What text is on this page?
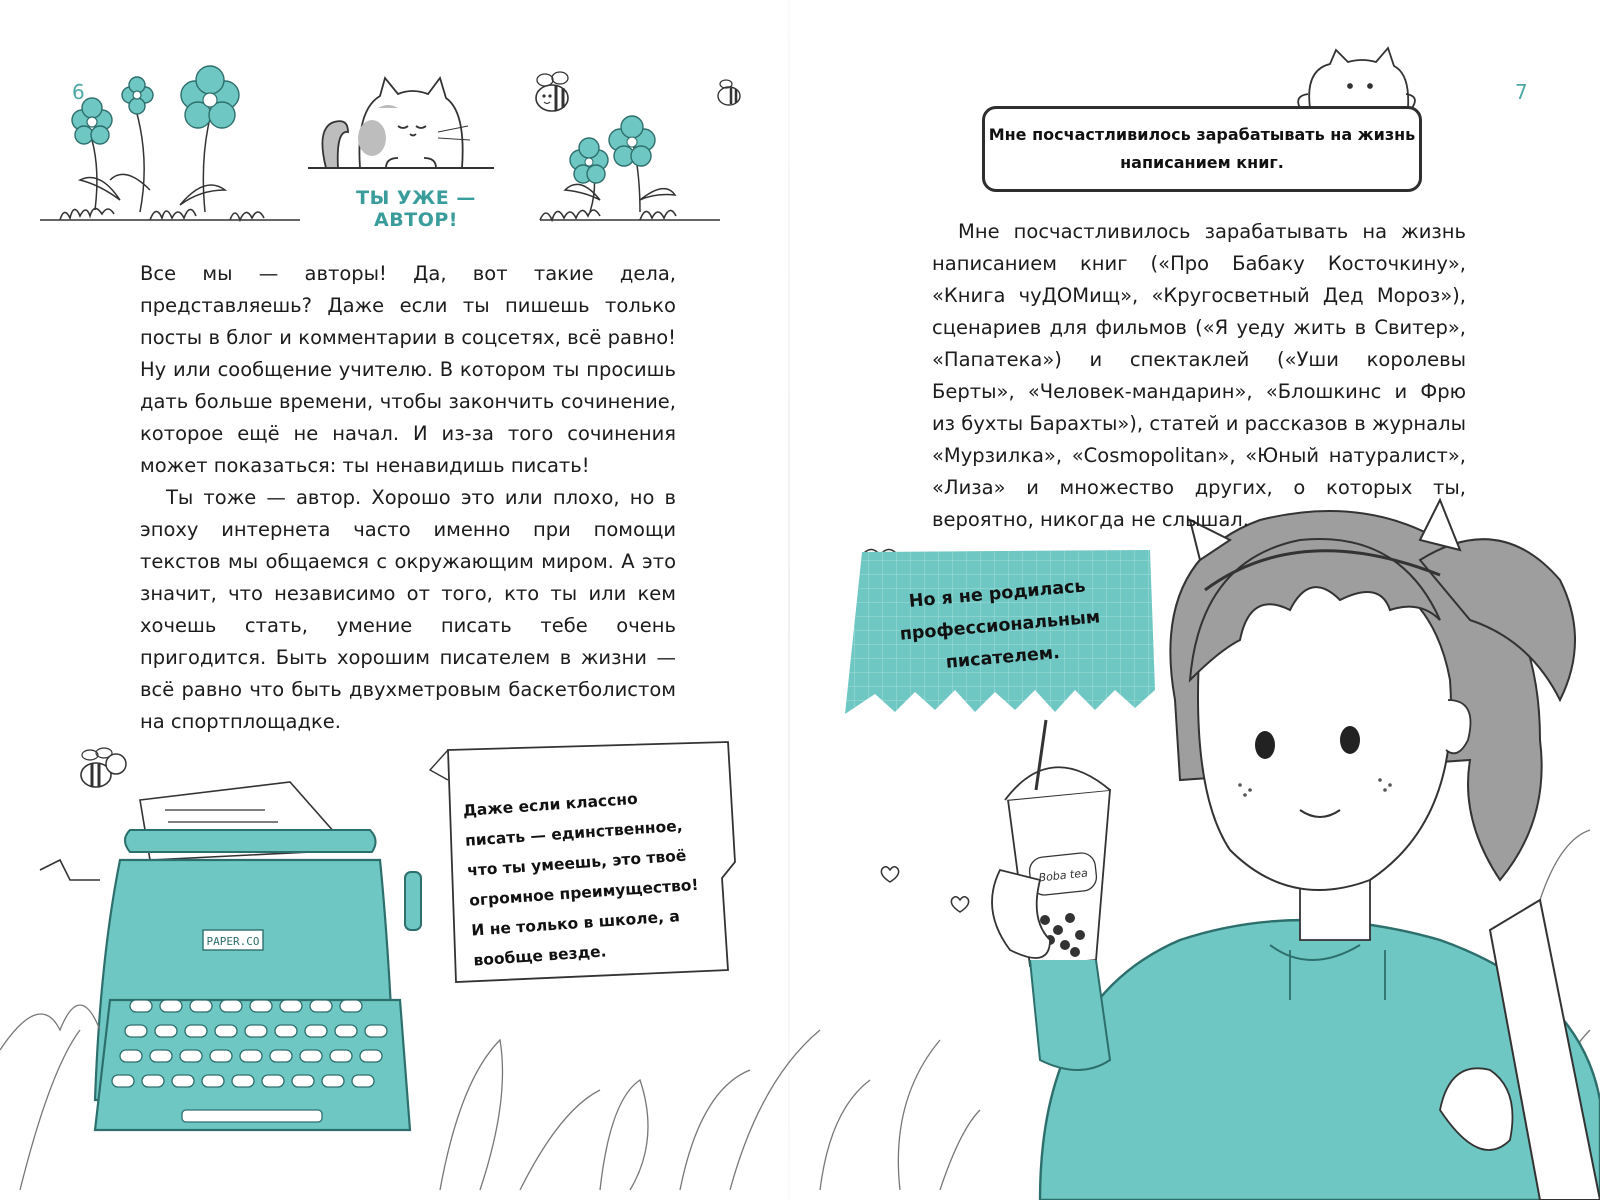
PAPER.CO
Boba tea
6	7
ТЫ УЖЕ — АВТОР!

Все мы — авторы! Да, вот такие дела, представляешь? Даже если ты пишешь только посты в блог и комментарии в соцсетях, всё равно! Ну или сообщение учителю. В котором ты просишь дать больше времени, чтобы закончить сочинение, которое ещё не начал. И из-за того сочинения может показаться: ты ненавидишь писать!

Ты тоже — автор. Хорошо это или плохо, но в эпоху интернета часто именно при помощи текстов мы общаемся с окружающим миром. А это значит, что независимо от того, кто ты или кем хочешь стать, умение писать тебе очень пригодится. Быть хорошим писателем в жизни — всё равно что быть двухметровым баскетболистом на спортплощадке.

Даже если классно писать — единственное, что ты умеешь, это твоё огромное преимущество! И не только в школе, а вообще везде.
Мне посчастливилось зарабатывать на жизнь написанием книг.

Мне посчастливилось зарабатывать на жизнь написанием книг («Про Бабаку Косточкину», «Книга чуДОМищ», «Кругосветный Дед Мороз»), сценариев для фильмов («Я уеду жить в Свитер», «Папатека») и спектаклей («Уши королевы Берты», «Человек-мандарин», «Блошкинс и Фрю из бухты Барахты»), статей и рассказов в журналы «Мурзилка», «Cosmopolitan», «Юный натуралист», «Лиза» и множество других, о которых ты, вероятно, никогда не слышал.

Но я не родилась профессиональным писателем.
